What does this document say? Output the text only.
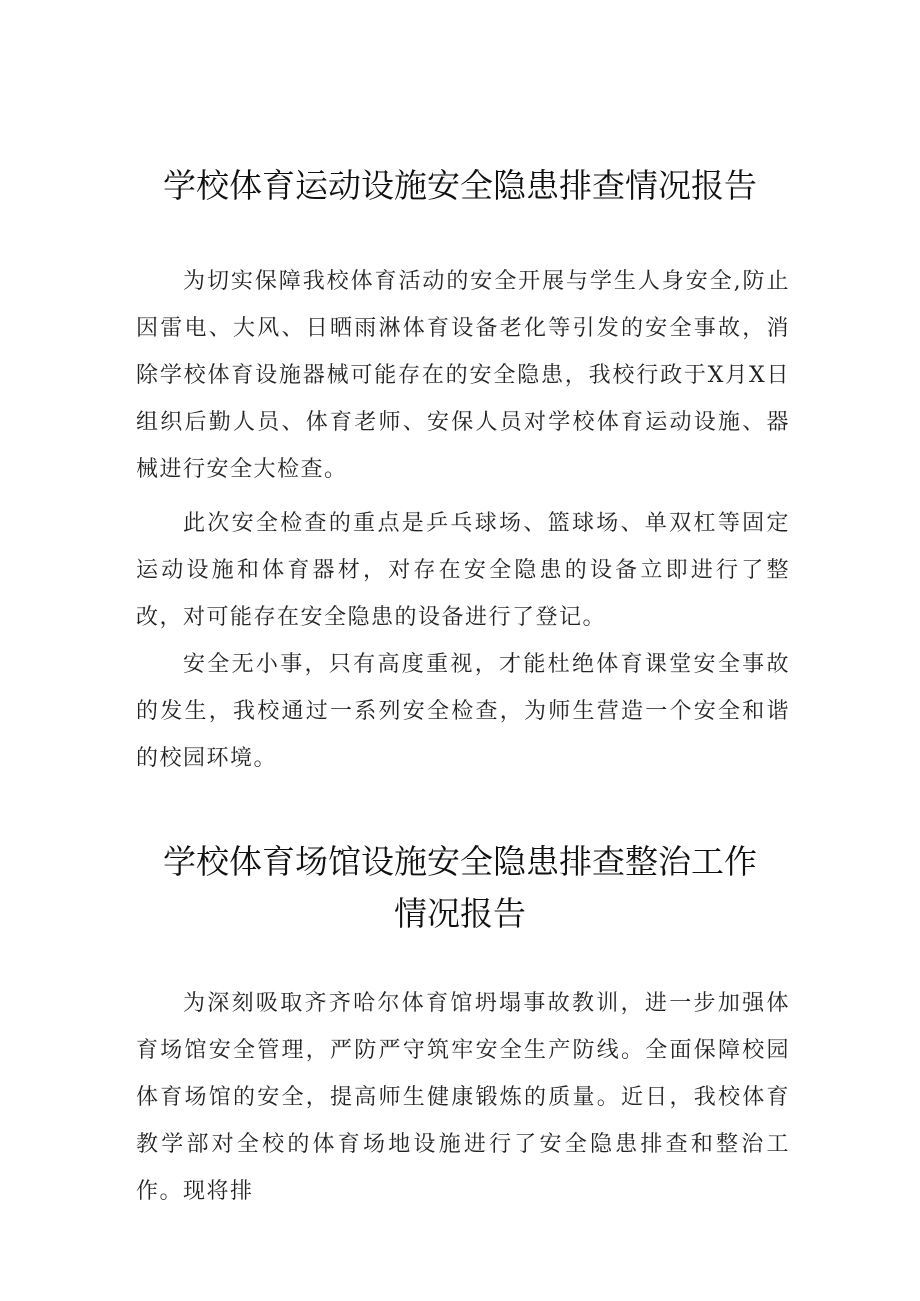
学校体育运动设施安全隐患排查情况报告

为切实保障我校体育活动的安全开展与学生人身安全,防止因雷电、大风、日晒雨淋体育设备老化等引发的安全事故，消除学校体育设施器械可能存在的安全隐患，我校行政于X月X日组织后勤人员、体育老师、安保人员对学校体育运动设施、器械进行安全大检查。

此次安全检查的重点是乒乓球场、篮球场、单双杠等固定运动设施和体育器材，对存在安全隐患的设备立即进行了整改，对可能存在安全隐患的设备进行了登记。

安全无小事，只有高度重视，才能杜绝体育课堂安全事故的发生，我校通过一系列安全检查，为师生营造一个安全和谐的校园环境。

学校体育场馆设施安全隐患排查整治工作
情况报告

为深刻吸取齐齐哈尔体育馆坍塌事故教训，进一步加强体育场馆安全管理，严防严守筑牢安全生产防线。全面保障校园体育场馆的安全，提高师生健康锻炼的质量。近日，我校体育教学部对全校的体育场地设施进行了安全隐患排查和整治工作。现将排
